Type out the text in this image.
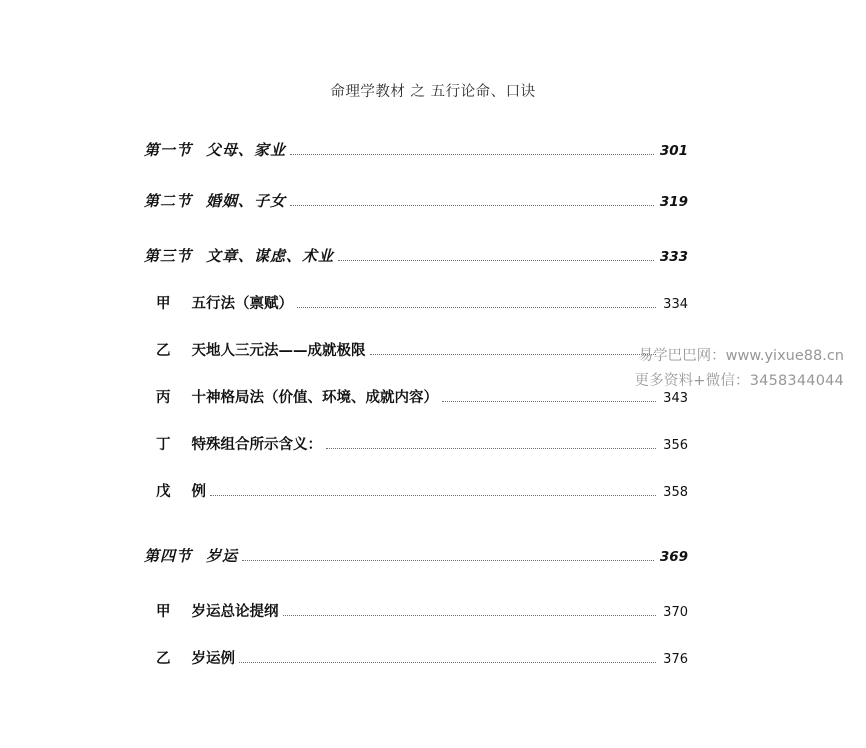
命理学教材 之 五行论命、口诀
第一节 父母、家业	301
第二节 婚姻、子女	319
第三节 文章、谋虑、术业	333
甲 五行法（禀赋）	334
乙 天地人三元法——成就极限
丙 十神格局法（价值、环境、成就内容）	343
丁 特殊组合所示含义：	356
戊 例	358
第四节 岁运	369
甲 岁运总论提纲	370
乙 岁运例	376
易学巴巴网：www.yixue88.cn
更多资料+微信：3458344044
